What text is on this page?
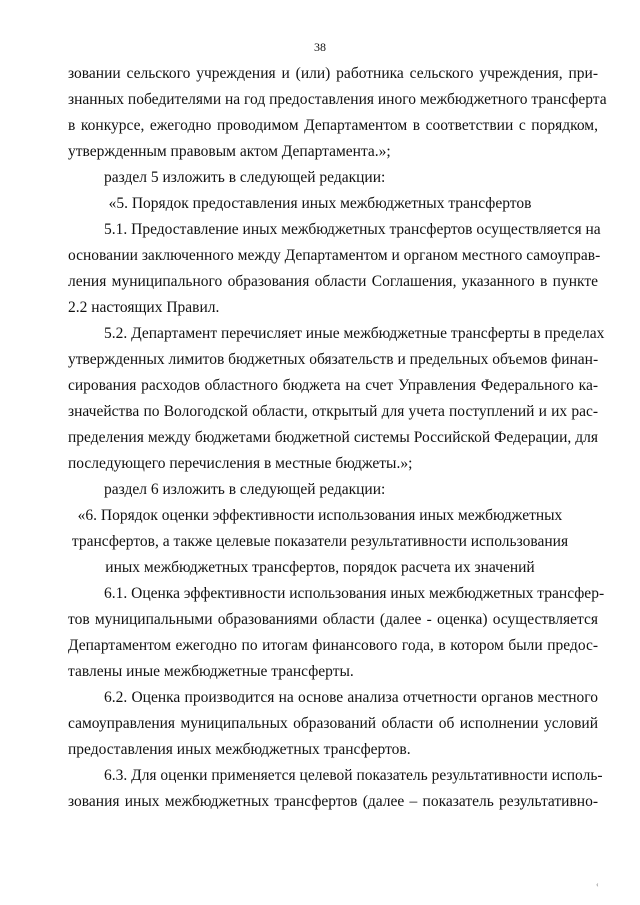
38
зовании сельского учреждения и (или) работника сельского учреждения, при-
знанных победителями на год предоставления иного межбюджетного трансферта
в конкурсе, ежегодно проводимом Департаментом в соответствии с порядком,
утвержденным правовым актом Департамента.»;
раздел 5 изложить в следующей редакции:
«5. Порядок предоставления иных межбюджетных трансфертов
5.1. Предоставление иных межбюджетных трансфертов осуществляется на
основании заключенного между Департаментом и органом местного самоуправ-
ления муниципального образования области Соглашения, указанного в пункте
2.2 настоящих Правил.
5.2. Департамент перечисляет иные межбюджетные трансферты в пределах
утвержденных лимитов бюджетных обязательств и предельных объемов финан-
сирования расходов областного бюджета на счет Управления Федерального ка-
значейства по Вологодской области, открытый для учета поступлений и их рас-
пределения между бюджетами бюджетной системы Российской Федерации, для
последующего перечисления в местные бюджеты.»;
раздел 6 изложить в следующей редакции:
«6. Порядок оценки эффективности использования иных межбюджетных
трансфертов, а также целевые показатели результативности использования
иных межбюджетных трансфертов, порядок расчета их значений
6.1. Оценка эффективности использования иных межбюджетных трансфер-
тов муниципальными образованиями области (далее - оценка) осуществляется
Департаментом ежегодно по итогам финансового года, в котором были предос-
тавлены иные межбюджетные трансферты.
6.2. Оценка производится на основе анализа отчетности органов местного
самоуправления муниципальных образований области об исполнении условий
предоставления иных межбюджетных трансфертов.
6.3. Для оценки применяется целевой показатель результативности исполь-
зования иных межбюджетных трансфертов (далее – показатель результативно-
‹
